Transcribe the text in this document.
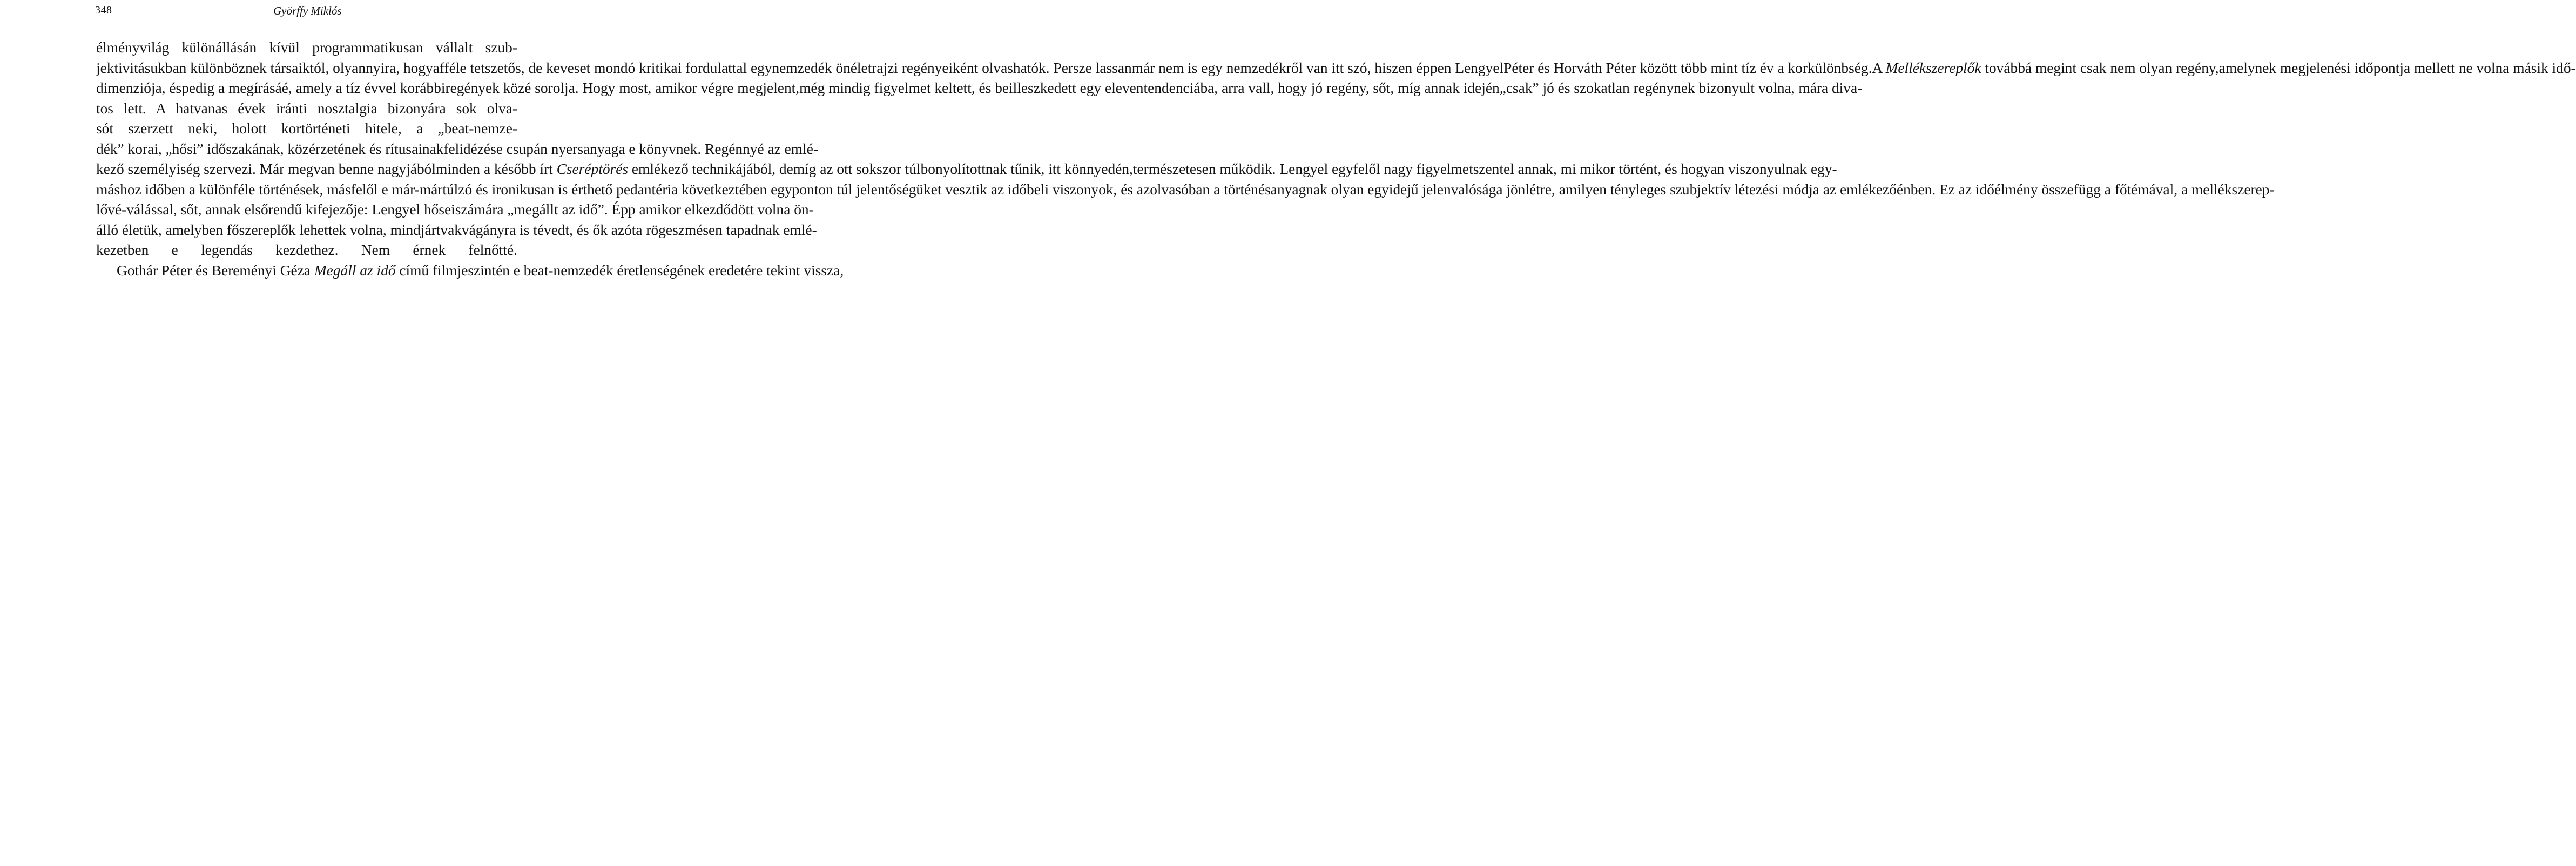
348	Györffy Miklós
élményvilág különállásán kívül programmatikusan vállalt szub-jektivitásukban különböznek társaiktól, olyannyira, hogyafféle tetszetős, de keveset mondó kritikai fordulattal egynemzedék önéletrajzi regényeiként olvashatók. Persze lassanmár nem is egy nemzedékről van itt szó, hiszen éppen LengyelPéter és Horváth Péter között több mint tíz év a korkülönbség.A Mellékszereplők továbbá megint csak nem olyan regény,amelynek megjelenési időpontja mellett ne volna másik idő-dimenziója, éspedig a megírásáé, amely a tíz évvel korábbiregények közé sorolja. Hogy most, amikor végre megjelent,még mindig figyelmet keltett, és beilleszkedett egy eleventendenciába, arra vall, hogy jó regény, sőt, míg annak idején„csak” jó és szokatlan regénynek bizonyult volna, mára diva-tos lett. A hatvanas évek iránti nosztalgia bizonyára sok olva-sót szerzett neki, holott kortörténeti hitele, a „beat-nemze-dék” korai, „hősi” időszakának, közérzetének és rítusainakfelidézése csupán nyersanyaga e könyvnek. Regénnyé az emlé-kező személyiség szervezi. Már megvan benne nagyjábólminden a később írt Cseréptörés emlékező technikájából, demíg az ott sokszor túlbonyolítottnak tűnik, itt könnyedén,természetesen működik. Lengyel egyfelől nagy figyelmetszentel annak, mi mikor történt, és hogyan viszonyulnak egy-máshoz időben a különféle történések, másfelől e már-mártúlzó és ironikusan is érthető pedantéria következtében egyponton túl jelentőségüket vesztik az időbeli viszonyok, és azolvasóban a történésanyagnak olyan egyidejű jelenvalósága jönlétre, amilyen tényleges szubjektív létezési módja az emlékezőénben. Ez az időélmény összefügg a főtémával, a mellékszerep-lővé-válással, sőt, annak elsőrendű kifejezője: Lengyel hőseiszámára „megállt az idő”. Épp amikor elkezdődött volna ön-álló életük, amelyben főszereplők lehettek volna, mindjártvakvágányra is tévedt, és ők azóta rögeszmésen tapadnak emlé-kezetben e legendás kezdethez. Nem érnek felnőtté.
Gothár Péter és Bereményi Géza Megáll az idő című filmjeszintén e beat-nemzedék éretlenségének eredetére tekint vissza,
